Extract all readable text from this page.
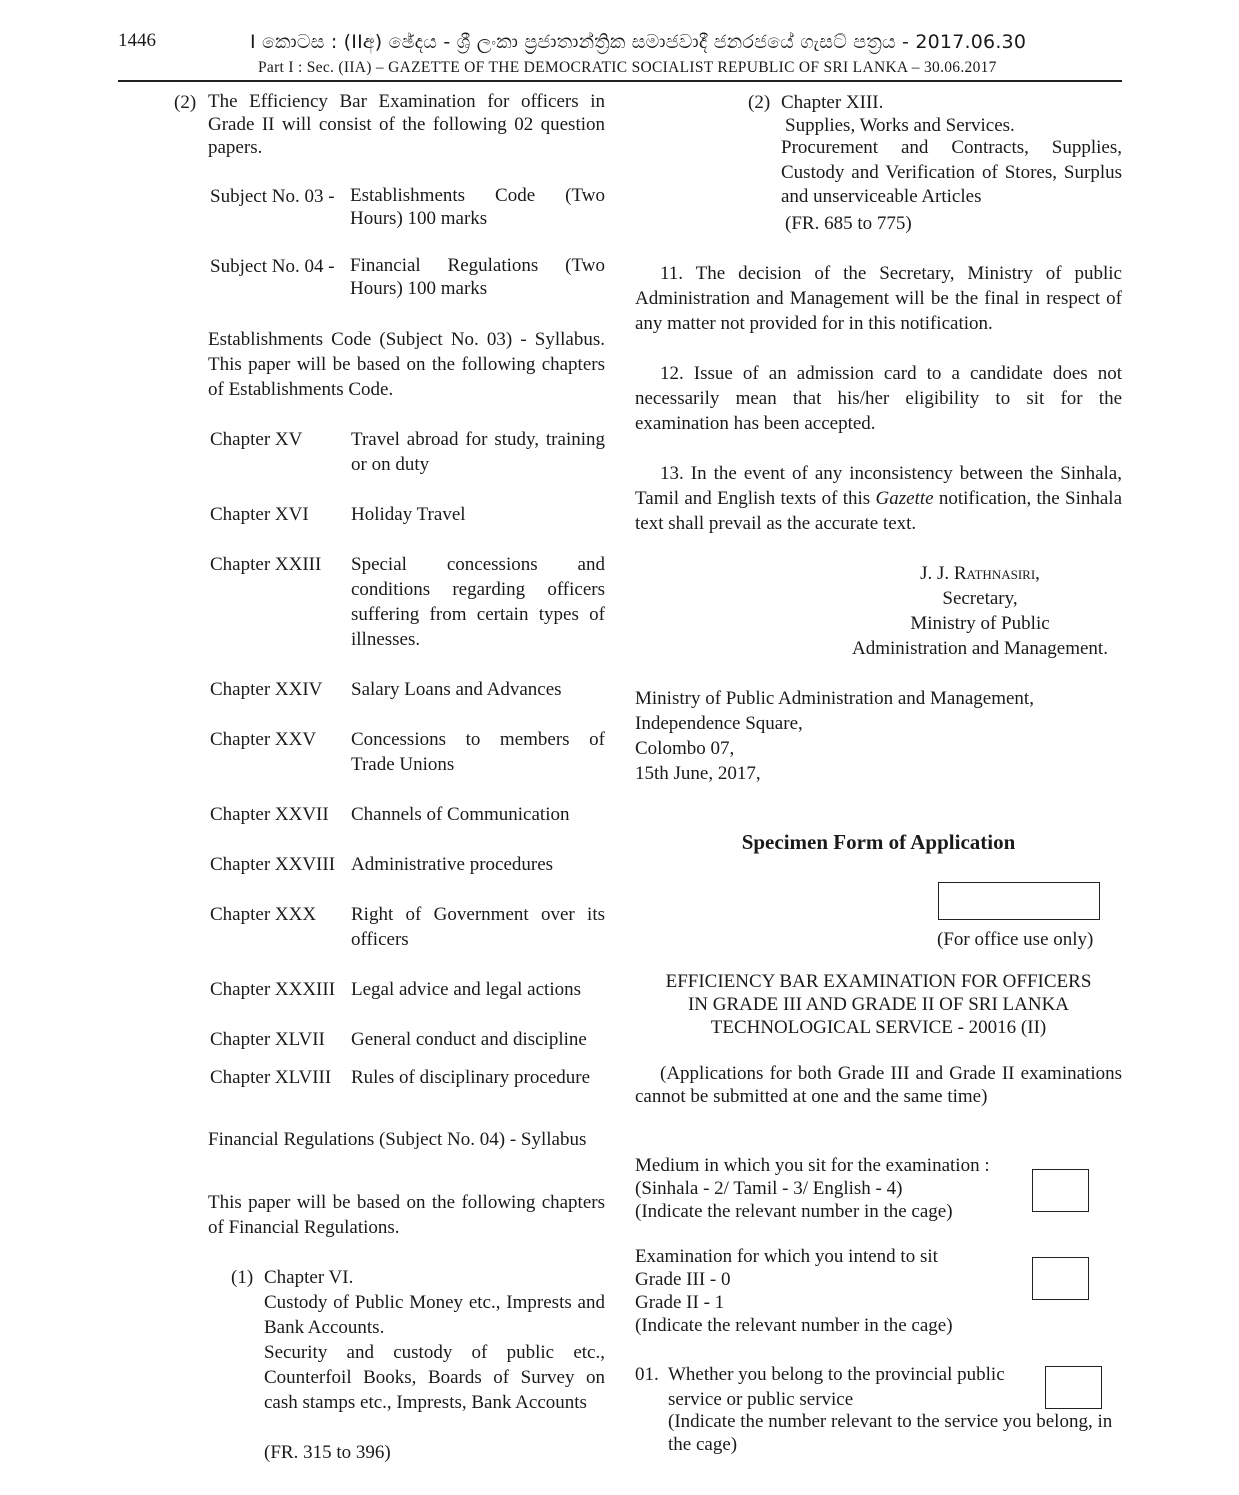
1446	I කොටස : (IIඅ) ඡේදය - ශ්‍රී ලංකා ප්‍රජාතාන්ත්‍රික සමාජවාදී ජනරජයේ ගැසට් පත්‍රය - 2017.06.30
Part I : Sec. (IIA) – GAZETTE OF THE DEMOCRATIC SOCIALIST REPUBLIC OF SRI LANKA – 30.06.2017
(2) The Efficiency Bar Examination for officers in Grade II will consist of the following 02 question papers.
Subject No. 03 - Establishments Code (Two Hours) 100 marks
Subject No. 04 - Financial Regulations (Two Hours) 100 marks
Establishments Code (Subject No. 03) - Syllabus. This paper will be based on the following chapters of Establishments Code.
Chapter XV	Travel abroad for study, training or on duty
Chapter XVI Holiday Travel
Chapter XXIII Special concessions and conditions regarding officers suffering from certain types of illnesses.
Chapter XXIV Salary Loans and Advances
Chapter XXV Concessions to members of Trade Unions
Chapter XXVII Channels of Communication
Chapter XXVIII Administrative procedures
Chapter XXX Right of Government over its officers
Chapter XXXIII Legal advice and legal actions
Chapter XLVII General conduct and discipline
Chapter XLVIII Rules of disciplinary procedure
Financial Regulations (Subject No. 04) - Syllabus
This paper will be based on the following chapters of Financial Regulations.
(1) Chapter VI.
Custody of Public Money etc., Imprests and Bank Accounts.
Security and custody of public etc., Counterfoil Books, Boards of Survey on cash stamps etc., Imprests, Bank Accounts
(FR. 315 to 396)
(2) Chapter XIII.
Supplies, Works and Services.
Procurement and Contracts, Supplies, Custody and Verification of Stores, Surplus and unserviceable Articles
(FR. 685 to 775)
11. The decision of the Secretary, Ministry of public Administration and Management will be the final in respect of any matter not provided for in this notification.
12. Issue of an admission card to a candidate does not necessarily mean that his/her eligibility to sit for the examination has been accepted.
13. In the event of any inconsistency between the Sinhala, Tamil and English texts of this Gazette notification, the Sinhala text shall prevail as the accurate text.
J. J. Rathnasiri,
Secretary,
Ministry of Public
Administration and Management.
Ministry of Public Administration and Management,
Independence Square,
Colombo 07,
15th June, 2017,
Specimen Form of Application
(For office use only)
EFFICIENCY BAR EXAMINATION FOR OFFICERS
IN GRADE III AND GRADE II OF SRI LANKA
TECHNOLOGICAL SERVICE - 20016 (II)
(Applications for both Grade III and Grade II examinations cannot be submitted at one and the same time)
Medium in which you sit for the examination :
(Sinhala - 2/ Tamil - 3/ English - 4)
(Indicate the relevant number in the cage)
Examination for which you intend to sit
Grade III - 0
Grade II - 1
(Indicate the relevant number in the cage)
01. Whether you belong to the provincial public
service or public service
(Indicate the number relevant to the service you belong, in the cage)
